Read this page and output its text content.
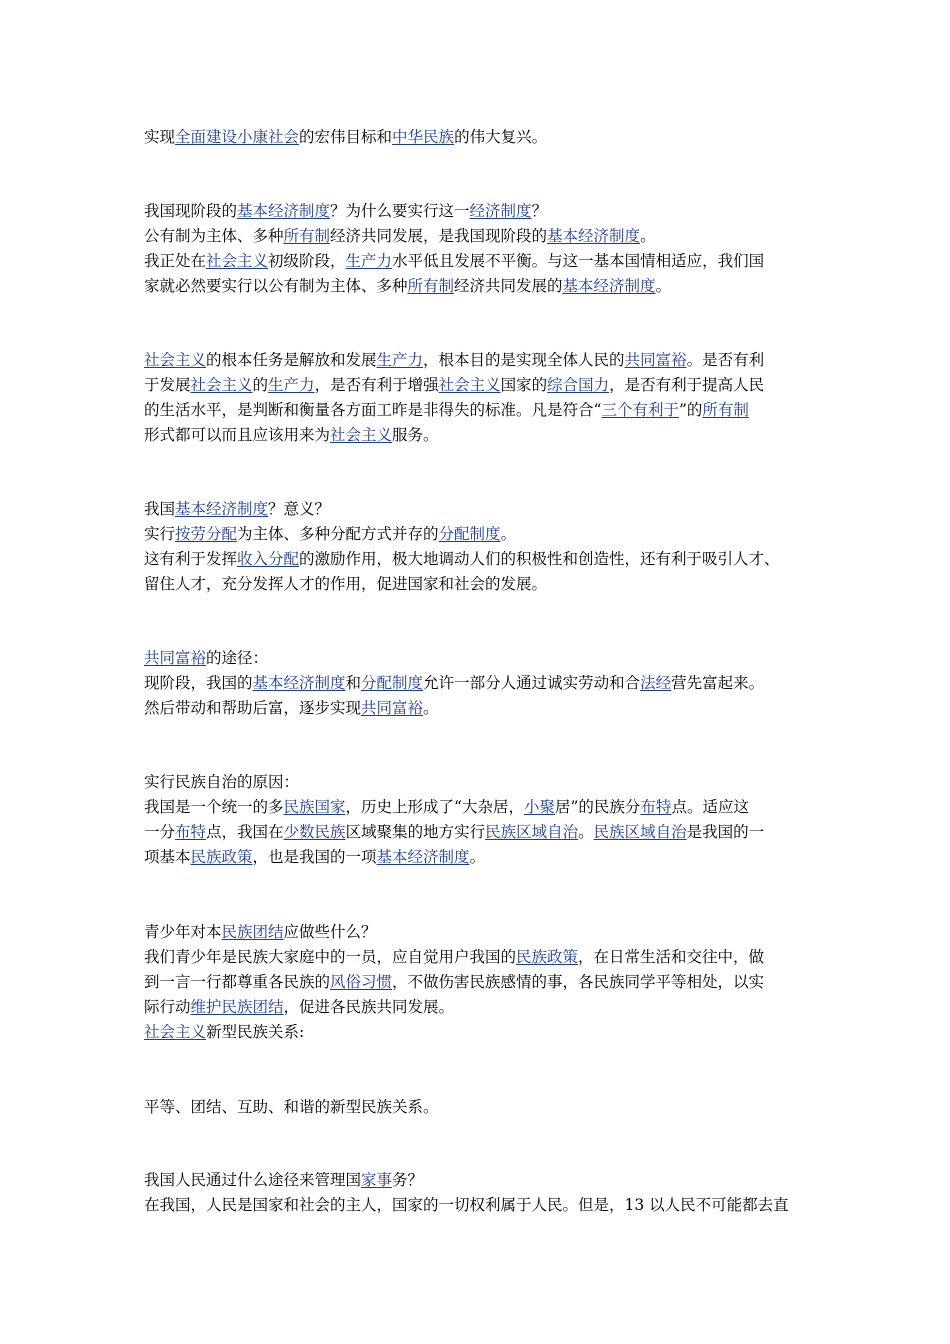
实现全面建设小康社会的宏伟目标和中华民族的伟大复兴。
我国现阶段的基本经济制度？为什么要实行这一经济制度？
公有制为主体、多种所有制经济共同发展，是我国现阶段的基本经济制度。
我正处在社会主义初级阶段，生产力水平低且发展不平衡。与这一基本国情相适应，我们国
家就必然要实行以公有制为主体、多种所有制经济共同发展的基本经济制度。
社会主义的根本任务是解放和发展生产力，根本目的是实现全体人民的共同富裕。是否有利
于发展社会主义的生产力，是否有利于增强社会主义国家的综合国力，是否有利于提高人民
的生活水平，是判断和衡量各方面工昨是非得失的标准。凡是符合“三个有利于”的所有制
形式都可以而且应该用来为社会主义服务。
我国基本经济制度？意义？
实行按劳分配为主体、多种分配方式并存的分配制度。
这有利于发挥收入分配的激励作用，极大地调动人们的积极性和创造性，还有利于吸引人才、
留住人才，充分发挥人才的作用，促进国家和社会的发展。
共同富裕的途径：
现阶段，我国的基本经济制度和分配制度允许一部分人通过诚实劳动和合法经营先富起来。
然后带动和帮助后富，逐步实现共同富裕。
实行民族自治的原因：
我国是一个统一的多民族国家，历史上形成了“大杂居，小聚居”的民族分布特点。适应这
一分布特点，我国在少数民族区域聚集的地方实行民族区域自治。民族区域自治是我国的一
项基本民族政策，也是我国的一项基本经济制度。
青少年对本民族团结应做些什么？
我们青少年是民族大家庭中的一员，应自觉用户我国的民族政策，在日常生活和交往中，做
到一言一行都尊重各民族的风俗习惯，不做伤害民族感情的事，各民族同学平等相处，以实
际行动维护民族团结，促进各民族共同发展。
社会主义新型民族关系:
平等、团结、互助、和谐的新型民族关系。
我国人民通过什么途径来管理国家事务？
在我国，人民是国家和社会的主人，国家的一切权利属于人民。但是，13 以人民不可能都去直
